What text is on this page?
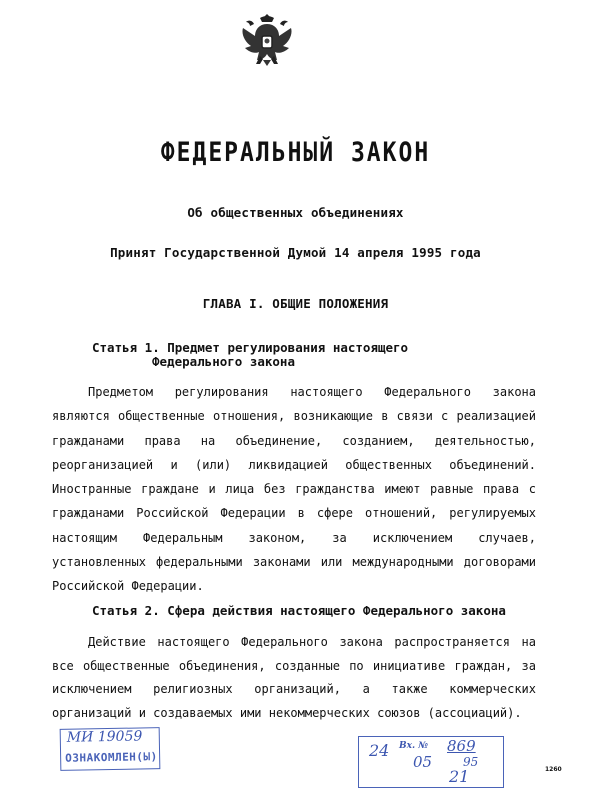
ФЕДЕРАЛЬНЫЙ ЗАКОН
Об общественных объединениях
Принят Государственной Думой 14 апреля 1995 года
ГЛАВА I. ОБЩИЕ ПОЛОЖЕНИЯ
Статья 1. Предмет регулирования настоящего
Федерального закона
Предметом регулирования настоящего Федерального закона являются общественные отношения, возникающие в связи с реализацией гражданами права на объединение, созданием, деятельностью, реорганизацией и (или) ликвидацией общественных объединений. Иностранные граждане и лица без гражданства имеют равные права с гражданами Российской Федерации в сфере отношений, регулируемых настоящим Федеральным законом, за исключением случаев, установленных федеральными законами или международными договорами Российской Федерации.
Статья 2. Сфера действия настоящего Федерального закона
Действие настоящего Федерального закона распространяется на все общественные объединения, созданные по инициативе граждан, за исключением религиозных организаций, а также коммерческих организаций и создаваемых ими некоммерческих союзов (ассоциаций).
МИ 19059
ОЗНАКОМЛЕН(Ы)	24 Вх. № 869
05	95
21	1260
